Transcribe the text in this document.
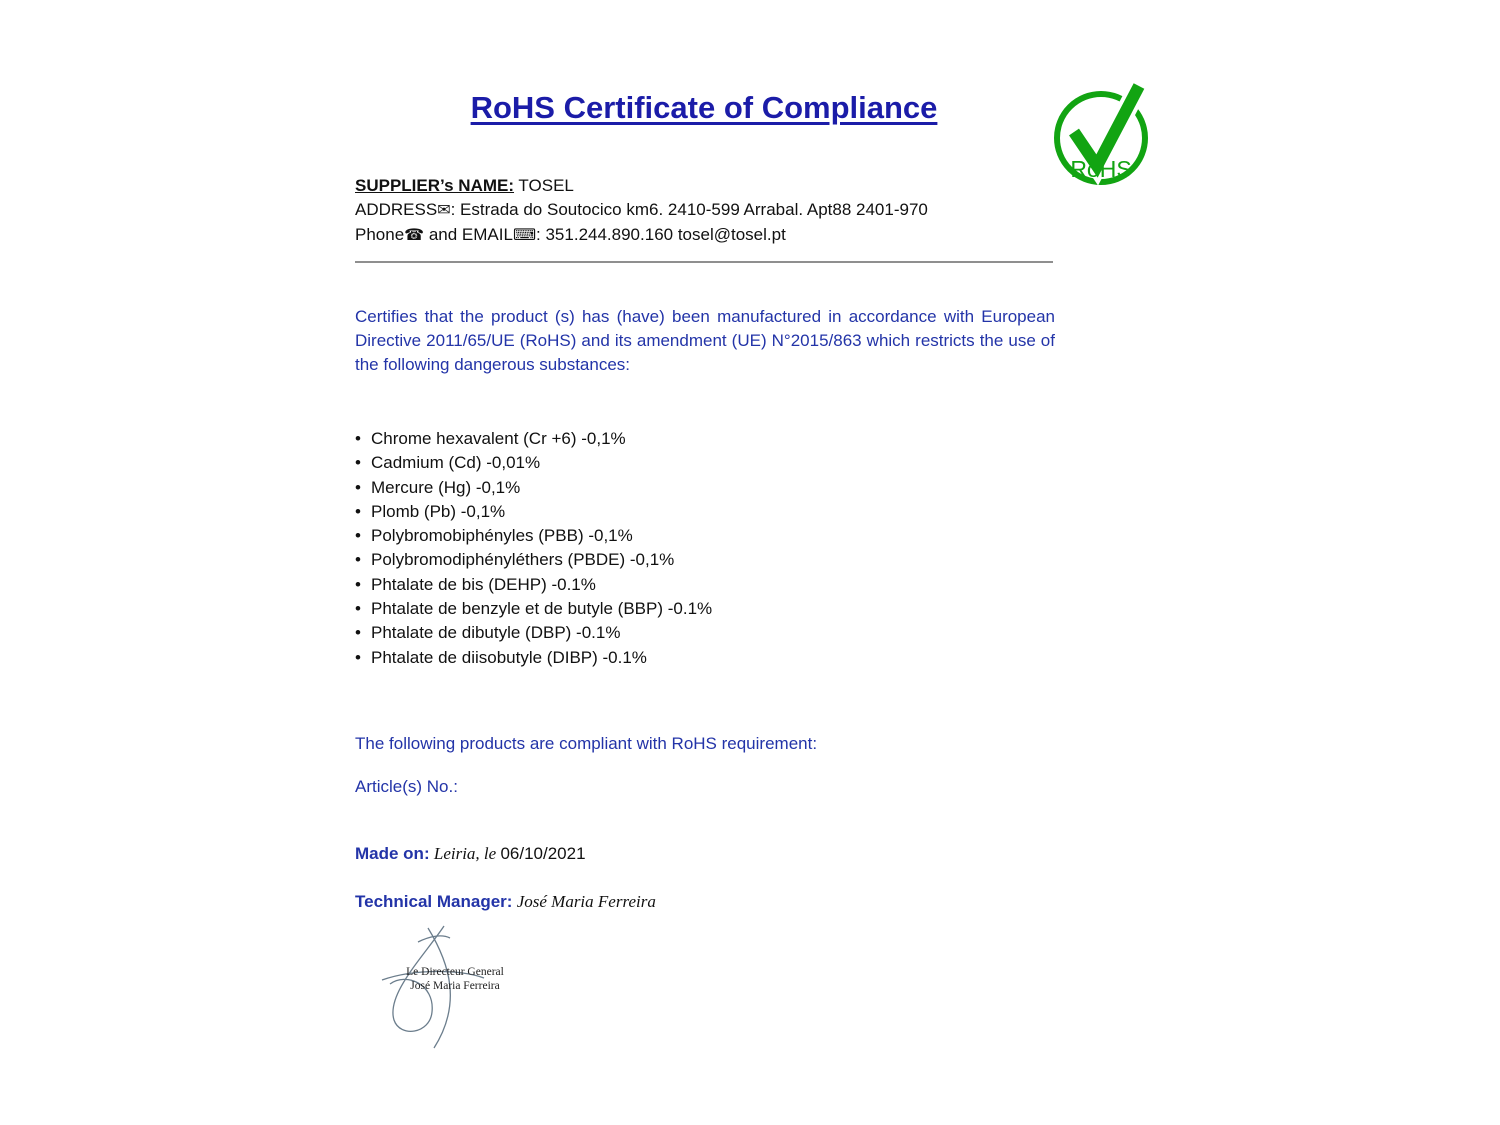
RoHS Certificate of Compliance
RoHS
SUPPLIER’s NAME: TOSEL
ADDRESS✉: Estrada do Soutocico km6. 2410-599 Arrabal. Apt88 2401-970
Phone☎ and EMAIL⌨: 351.244.890.160 tosel@tosel.pt
Certifies that the product (s) has (have) been manufactured in accordance with European Directive 2011/65/UE (RoHS) and its amendment (UE) N°2015/863 which restricts the use of the following dangerous substances:
• Chrome hexavalent (Cr +6) -0,1%
• Cadmium (Cd) -0,01%
• Mercure (Hg) -0,1%
• Plomb (Pb) -0,1%
• Polybromobiphényles (PBB) -0,1%
• Polybromodiphényléthers (PBDE) -0,1%
• Phtalate de bis (DEHP) -0.1%
• Phtalate de benzyle et de butyle (BBP) -0.1%
• Phtalate de dibutyle (DBP) -0.1%
• Phtalate de diisobutyle (DIBP) -0.1%
The following products are compliant with RoHS requirement:
Article(s) No.:
Made on: Leiria, le 06/10/2021
Technical Manager: José Maria Ferreira
Le Directeur General
José Maria Ferreira
